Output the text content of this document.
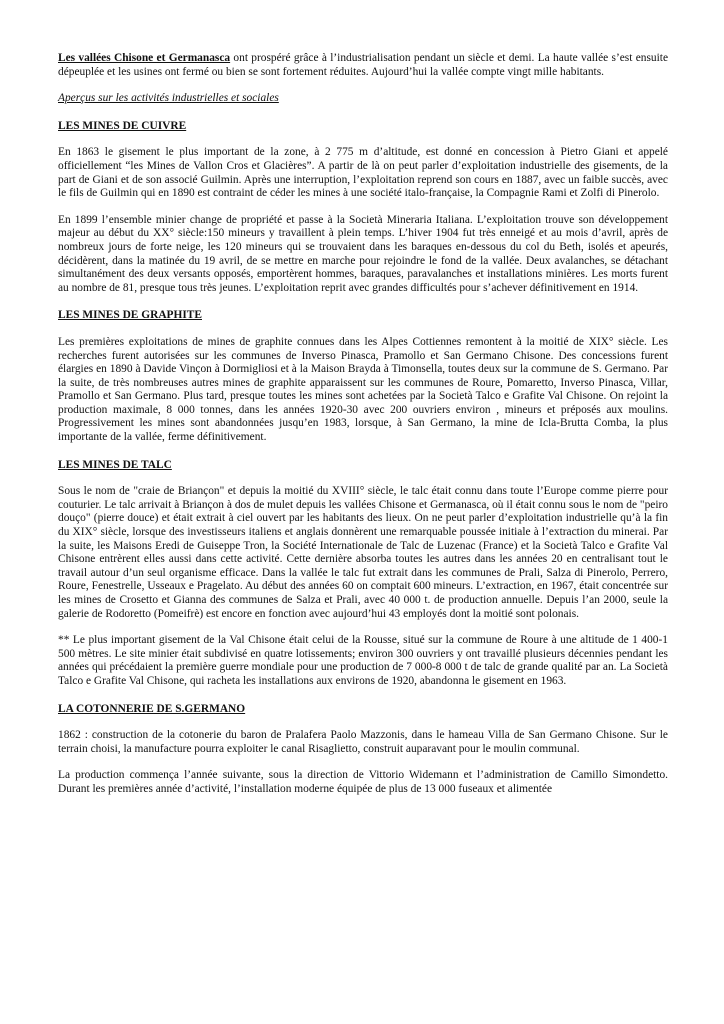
Les vallées Chisone et Germanasca ont prospéré grâce à l’industrialisation pendant un siècle et demi. La haute vallée s’est ensuite dépeuplée et les usines ont fermé ou bien se sont fortement réduites. Aujourd’hui la vallée compte vingt mille habitants.

Aperçus sur les activités industrielles et sociales

LES MINES DE CUIVRE

En 1863 le gisement le plus important de la zone, à 2 775 m d’altitude, est donné en concession à Pietro Giani et appelé officiellement “les Mines de Vallon Cros et Glacières”. A partir de là on peut parler d’exploitation industrielle des gisements, de la part de Giani et de son associé Guilmin. Après une interruption, l’exploitation reprend son cours en 1887, avec un faible succès, avec le fils de Guilmin qui en 1890 est contraint de céder les mines à une société italo-française, la Compagnie Rami et Zolfi di Pinerolo.

En 1899 l’ensemble minier change de propriété et passe à la Società Mineraria Italiana. L’exploitation trouve son développement majeur au début du XX° siècle:150 mineurs y travaillent à plein temps. L’hiver 1904 fut très enneigé et au mois d’avril, après de nombreux jours de forte neige, les 120 mineurs qui se trouvaient dans les baraques en-dessous du col du Beth, isolés et apeurés, décidèrent, dans la matinée du 19 avril, de se mettre en marche pour rejoindre le fond de la vallée. Deux avalanches, se détachant simultanément des deux versants opposés, emportèrent hommes, baraques, paravalanches et installations minières. Les morts furent au nombre de 81, presque tous très jeunes. L’exploitation reprit avec grandes difficultés pour s’achever définitivement en 1914.

LES MINES DE GRAPHITE

Les premières exploitations de mines de graphite connues dans les Alpes Cottiennes remontent à la moitié de XIX° siècle. Les recherches furent autorisées sur les communes de Inverso Pinasca, Pramollo et San Germano Chisone. Des concessions furent élargies en 1890 à Davide Vinçon à Dormigliosi et à la Maison Brayda à Timonsella, toutes deux sur la commune de S. Germano. Par la suite, de très nombreuses autres mines de graphite apparaissent sur les communes de Roure, Pomaretto, Inverso Pinasca, Villar, Pramollo et San Germano. Plus tard, presque toutes les mines sont achetées par la Società Talco e Grafite Val Chisone. On rejoint la production maximale, 8 000 tonnes, dans les années 1920-30 avec 200 ouvriers environ , mineurs et préposés aux moulins. Progressivement les mines sont abandonnées jusqu’en 1983, lorsque, à San Germano, la mine de Icla-Brutta Comba, la plus importante de la vallée, ferme définitivement.

LES MINES DE TALC

Sous le nom de "craie de Briançon" et depuis la moitié du XVIII° siècle, le talc était connu dans toute l’Europe comme pierre pour couturier. Le talc arrivait à Briançon à dos de mulet depuis les vallées Chisone et Germanasca, où il était connu sous le nom de "peiro douço" (pierre douce) et était extrait à ciel ouvert par les habitants des lieux. On ne peut parler d’exploitation industrielle qu’à la fin du XIX° siècle, lorsque des investisseurs italiens et anglais donnèrent une remarquable poussée initiale à l’extraction du minerai. Par la suite, les Maisons Eredi de Guiseppe Tron, la Société Internationale de Talc de Luzenac (France) et la Società Talco e Grafite Val Chisone entrèrent elles aussi dans cette activité. Cette dernière absorba toutes les autres dans les années 20 en centralisant tout le travail autour d’un seul organisme efficace. Dans la vallée le talc fut extrait dans les communes de Prali, Salza di Pinerolo, Perrero, Roure, Fenestrelle, Usseaux e Pragelato. Au début des années 60 on comptait 600 mineurs. L’extraction, en 1967, était concentrée sur les mines de Crosetto et Gianna des communes de Salza et Prali, avec 40 000 t. de production annuelle. Depuis l’an 2000, seule la galerie de Rodoretto (Pomeifrè) est encore en fonction avec aujourd’hui 43 employés dont la moitié sont polonais.

** Le plus important gisement de la Val Chisone était celui de la Rousse, situé sur la commune de Roure à une altitude de 1 400-1 500 mètres. Le site minier était subdivisé en quatre lotissements; environ 300 ouvriers y ont travaillé plusieurs décennies pendant les années qui précédaient la première guerre mondiale pour une production de 7 000-8 000 t de talc de grande qualité par an. La Società Talco e Grafite Val Chisone, qui racheta les installations aux environs de 1920, abandonna le gisement en 1963.

LA COTONNERIE DE S.GERMANO

1862 : construction de la cotonerie du baron de Pralafera Paolo Mazzonis, dans le hameau Villa de San Germano Chisone. Sur le terrain choisi, la manufacture pourra exploiter le canal Risaglietto, construit auparavant pour le moulin communal.

La production commença l’année suivante, sous la direction de Vittorio Widemann et l’administration de Camillo Simondetto. Durant les premières année d’activité, l’installation moderne équipée de plus de 13 000 fuseaux et alimentée
